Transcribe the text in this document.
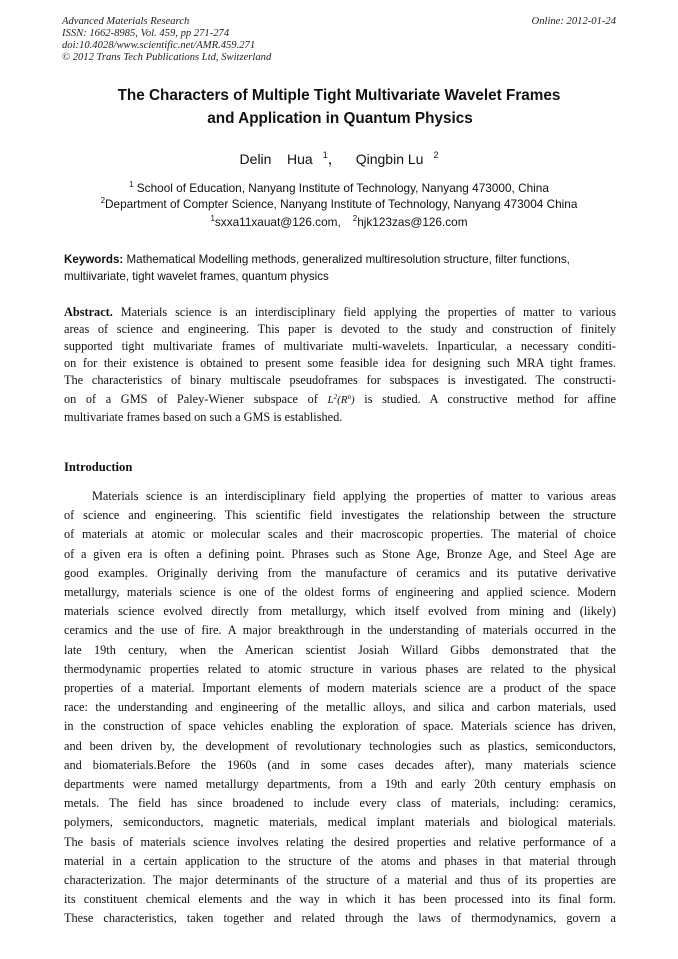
Advanced Materials Research
ISSN: 1662-8985, Vol. 459, pp 271-274
doi:10.4028/www.scientific.net/AMR.459.271
© 2012 Trans Tech Publications Ltd, Switzerland
Online: 2012-01-24
The Characters of Multiple Tight Multivariate Wavelet Frames
and Application in Quantum Physics
Delin    Hua $^1$， Qingbin Lu $^2$
$^1$ School of Education, Nanyang Institute of Technology, Nanyang 473000, China
$^2$Department of Compter Science, Nanyang Institute of Technology, Nanyang 473004 China
$^1$sxxa11xauat@126.com, $^2$hjk123zas@126.com
Keywords: Mathematical Modelling methods, generalized multiresolution structure, filter functions, multiivariate, tight wavelet frames, quantum physics
Abstract. Materials science is an interdisciplinary field applying the properties of matter to various
areas of science and engineering. This paper is devoted to the study and construction of finitely
supported tight multivariate frames of multivariate multi-wavelets. Inparticular, a necessary conditi-
on for their existence is obtained to present some feasible idea for designing such MRA tight frames.
The characteristics of binary multiscale pseudoframes for subspaces is investigated. The constructi-
on of a GMS of Paley-Wiener subspace of $L^2(R^n)$ is studied. A constructive method for affine
multivariate frames based on such a GMS is established.
Introduction
Materials science is an interdisciplinary field applying the properties of matter to various areas
of science and engineering. This scientific field investigates the relationship between the structure
of materials at atomic or molecular scales and their macroscopic properties. The material of choice
of a given era is often a defining point. Phrases such as Stone Age, Bronze Age, and Steel Age are
good examples. Originally deriving from the manufacture of ceramics and its putative derivative
metallurgy, materials science is one of the oldest forms of engineering and applied science. Modern
materials science evolved directly from metallurgy, which itself evolved from mining and (likely)
ceramics and the use of fire. A major breakthrough in the understanding of materials occurred in the
late 19th century, when the American scientist Josiah Willard Gibbs demonstrated that the
thermodynamic properties related to atomic structure in various phases are related to the physical
properties of a material. Important elements of modern materials science are a product of the space
race: the understanding and engineering of the metallic alloys, and silica and carbon materials, used
in the construction of space vehicles enabling the exploration of space. Materials science has driven,
and been driven by, the development of revolutionary technologies such as plastics, semiconductors,
and biomaterials.Before the 1960s (and in some cases decades after), many materials science
departments were named metallurgy departments, from a 19th and early 20th century emphasis on
metals. The field has since broadened to include every class of materials, including: ceramics,
polymers, semiconductors, magnetic materials, medical implant materials and biological materials.
The basis of materials science involves relating the desired properties and relative performance of a
material in a certain application to the structure of the atoms and phases in that material through
characterization. The major determinants of the structure of a material and thus of its properties are
its constituent chemical elements and the way in which it has been processed into its final form.
These characteristics, taken together and related through the laws of thermodynamics, govern a
